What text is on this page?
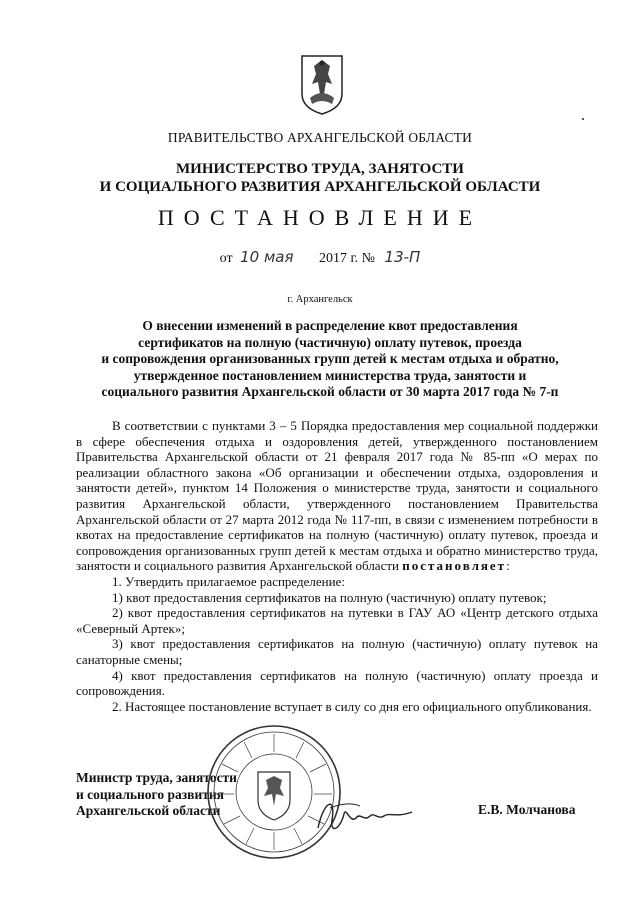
ПРАВИТЕЛЬСТВО АРХАНГЕЛЬСКОЙ ОБЛАСТИ
МИНИСТЕРСТВО ТРУДА, ЗАНЯТОСТИ
И СОЦИАЛЬНОГО РАЗВИТИЯ АРХАНГЕЛЬСКОЙ ОБЛАСТИ
ПОСТАНОВЛЕНИЕ
от 10 мая 2017 г. № 13-П
г. Архангельск
О внесении изменений в распределение квот предоставления
сертификатов на полную (частичную) оплату путевок, проезда
и сопровождения организованных групп детей к местам отдыха и обратно,
утвержденное постановлением министерства труда, занятости и
социального развития Архангельской области от 30 марта 2017 года № 7-п

В соответствии с пунктами 3 – 5 Порядка предоставления мер социальной поддержки в сфере обеспечения отдыха и оздоровления детей, утвержденного постановлением Правительства Архангельской области от 21 февраля 2017 года № 85-пп «О мерах по реализации областного закона «Об организации и обеспечении отдыха, оздоровления и занятости детей», пунктом 14 Положения о министерстве труда, занятости и социального развития Архангельской области, утвержденного постановлением Правительства Архангельской области от 27 марта 2012 года № 117-пп, в связи с изменением потребности в квотах на предоставление сертификатов на полную (частичную) оплату путевок, проезда и сопровождения организованных групп детей к местам отдыха и обратно министерство труда, занятости и социального развития Архангельской области постановляет:

1. Утвердить прилагаемое распределение:

1) квот предоставления сертификатов на полную (частичную) оплату путевок;

2) квот предоставления сертификатов на путевки в ГАУ АО «Центр детского отдыха «Северный Артек»;

3) квот предоставления сертификатов на полную (частичную) оплату путевок на санаторные смены;

4) квот предоставления сертификатов на полную (частичную) оплату проезда и сопровождения.

2. Настоящее постановление вступает в силу со дня его официального опубликования.

Министр труда, занятости
и социального развития
Архангельской области	Е.В. Молчанова
